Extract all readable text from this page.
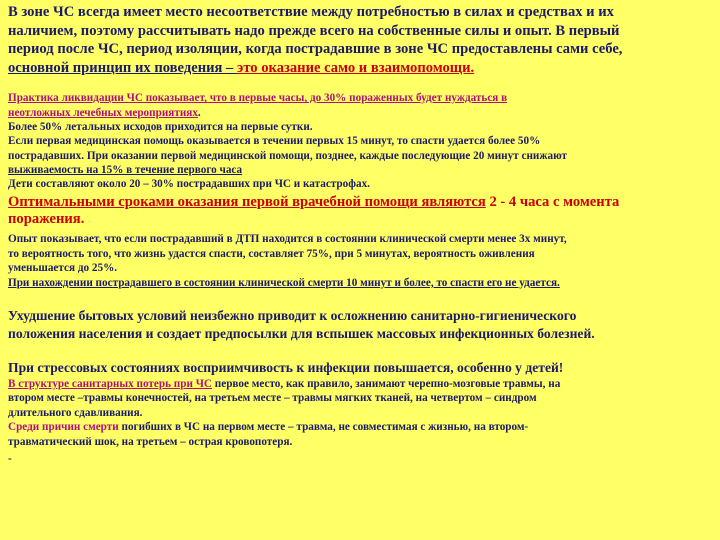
В зоне ЧС всегда имеет место несоответствие между потребностью в силах и средствах и их
наличием, поэтому рассчитывать надо прежде всего на собственные силы и опыт. В первый
период после ЧС, период изоляции, когда пострадавшие в зоне ЧС предоставлены сами себе,
основной принцип их поведения – это оказание само и взаимопомощи.
Практика ликвидации ЧС показывает, что в первые часы, до 30% пораженных будет нуждаться в
неотложных лечебных мероприятиях.
Более 50% летальных исходов приходится на первые сутки.
Если первая медицинская помощь оказывается в течении первых 15 минут, то спасти удается более 50%
пострадавших. При оказании первой медицинской помощи, позднее, каждые последующие 20 минут снижают
выживаемость на 15% в течение первого часа
Дети составляют около 20 – 30% пострадавших при ЧС и катастрофах.
Оптимальными сроками оказания первой врачебной помощи являются 2 - 4 часа с момента
поражения.
Опыт показывает, что если пострадавший в ДТП находится в состоянии клинической смерти менее 3х минут,
то вероятность того, что жизнь удастся спасти, составляет 75%, при 5 минутах, вероятность оживления
уменьшается до 25%.
При нахождении пострадавшего в состоянии клинической смерти 10 минут и более, то спасти его не удается.
Ухудшение бытовых условий неизбежно приводит к осложнению санитарно-гигиенического
положения населения и создает предпосылки для вспышек массовых инфекционных болезней.
При стрессовых состояниях восприимчивость к инфекции повышается, особенно у детей!
В структуре санитарных потерь при ЧС первое место, как правило, занимают черепно-мозговые травмы, на
втором месте –травмы конечностей, на третьем месте – травмы мягких тканей, на четвертом – синдром
длительного сдавливания.
Среди причин смерти погибших в ЧС на первом месте – травма, не совместимая с жизнью, на втором-
травматический шок, на третьем – острая кровопотеря.
-
